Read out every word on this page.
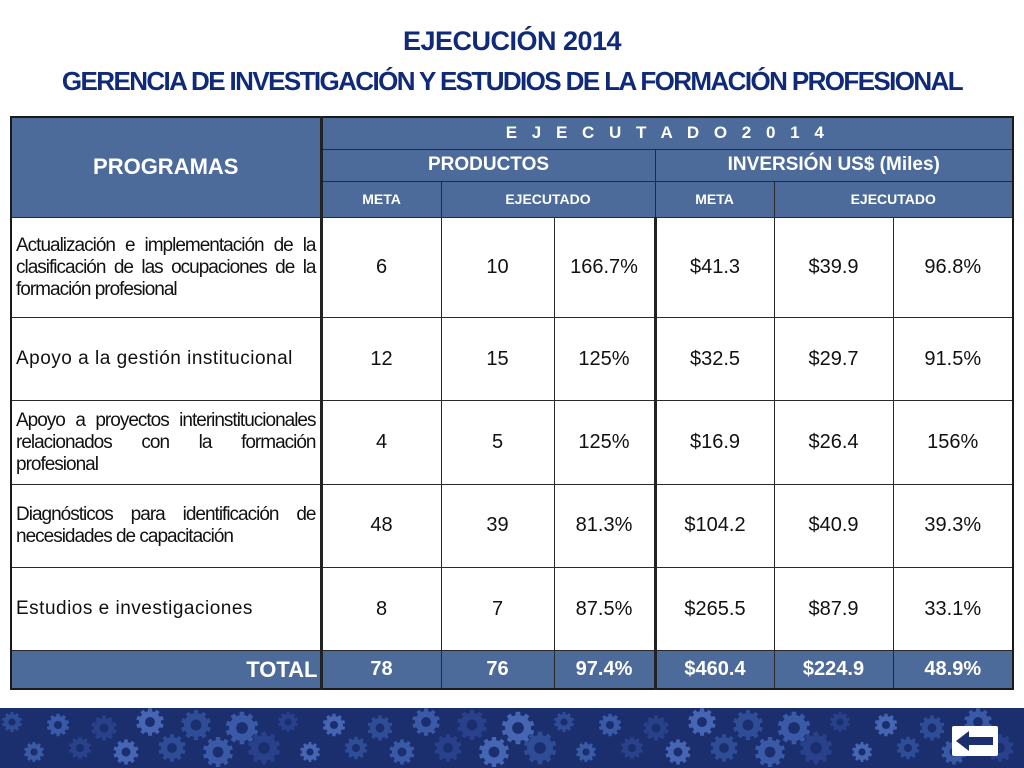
EJECUCIÓN 2014
GERENCIA DE INVESTIGACIÓN Y ESTUDIOS DE LA FORMACIÓN PROFESIONAL
PROGRAMAS	E J E C U T A D O 2 0 1 4					
	PRODUCTOS			INVERSIÓN US$ (Miles)		
	META	EJECUTADO		META	EJECUTADO	

Actualización e implementación de la clasificación de las ocupaciones de la formación profesional	6	10	166.7%	$41.3	$39.9	96.8%

Apoyo a la gestión institucional	12	15	125%	$32.5	$29.7	91.5%

Apoyo a proyectos interinstitucionales relacionados con la formación profesional	4	5	125%	$16.9	$26.4	156%

Diagnósticos para identificación de necesidades de capacitación	48	39	81.3%	$104.2	$40.9	39.3%

Estudios e investigaciones	8	7	87.5%	$265.5	$87.9	33.1%
TOTAL	78	76	97.4%	$460.4	$224.9	48.9%
